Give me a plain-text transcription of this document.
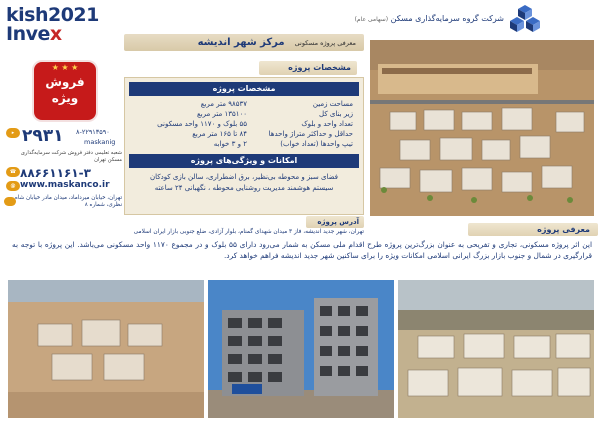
kish2021
Invex
شرکت گروه سرمایه‌گذاری مسکن (سهامی عام)
معرفی پروژه مسکونی
مرکز شهر اندیشه
★ ★ ★
فروش
ویژه
▸ ۲۹۳۱ ۸-۲۲۹۱۳۵۹۰
maskanig
شعبه تعلیمی دفتر فروش شرکت سرمایه‌گذاری مسکن تهران
☎ ۸۸۶۶۱۱۶۱-۳
@ www.maskanco.ir
تهران، خیابان میرداماد، میدان مادر خیابان شاه نظری، شماره ۸
مشخصات پروژه
مشخصات پروژه
مساحت زمین
۹۸۵۳۷ متر مربع
زیر بنای کل
۱۳۵۱۰۰ متر مربع
تعداد واحد و بلوک
۵۵ بلوک و ۱۱۷۰ واحد مسکونی
حداقل و حداکثر متراژ واحدها
۸۴ تا ۱۶۵ متر مربع
تیپ واحدها (تعداد خواب)
۲ و ۳ خوابه
امکانات و ویژگی‌های پروژه
فضای سبز و محوطه بی‌نظیر، برق اضطراری، سالن بازی کودکان
سیستم هوشمند مدیریت روشنایی محوطه ، نگهبانی ۲۴ ساعته
آدرس پروژه
تهران، شهر جدید اندیشه، فاز ۳ میدان شهدای گمنام، بلوار آزادی، ضلع جنوبی بازار ایران اسلامی	معرفی پروژه
این اثر پروژه مسکونی، تجاری و تفریحی به عنوان بزرگ‌ترین پروژه طرح اقدام ملی مسکن به شمار می‌رود دارای ۵۵ بلوک و در مجموع ۱۱۷۰ واحد مسکونی می‌باشد. این پروژه با توجه به قرارگیری در شمال و جنوب بازار بزرگ ایرانی اسلامی امکانات ویژه را برای ساکنین شهر جدید اندیشه فراهم خواهد کرد.
